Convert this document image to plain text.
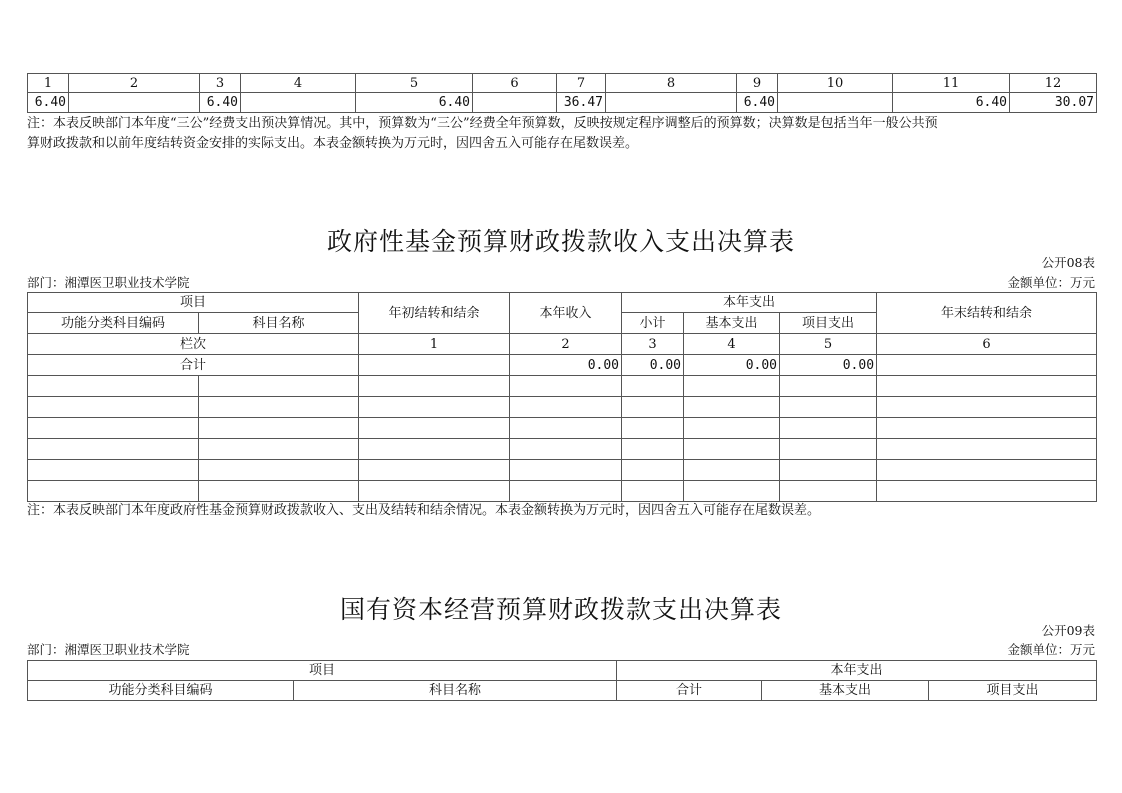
1	2	3	4	5	6	7	8	9	10	11	12
6.40		6.40		6.40		36.47		6.40		6.40	30.07
注：本表反映部门本年度“三公”经费支出预决算情况。其中，预算数为“三公”经费全年预算数，反映按规定程序调整后的预算数；决算数是包括当年一般公共预
算财政拨款和以前年度结转资金安排的实际支出。本表金额转换为万元时，因四舍五入可能存在尾数误差。
政府性基金预算财政拨款收入支出决算表
公开08表
部门：湘潭医卫职业技术学院	金额单位：万元
项目		年初结转和结余	本年收入	本年支出			年末结转和结余
功能分类科目编码	科目名称			小计	基本支出	项目支出	
栏次		1	2	3	4	5	6
合计			0.00	0.00	0.00	0.00	

注：本表反映部门本年度政府性基金预算财政拨款收入、支出及结转和结余情况。本表金额转换为万元时，因四舍五入可能存在尾数误差。
国有资本经营预算财政拨款支出决算表
公开09表
部门：湘潭医卫职业技术学院	金额单位：万元
项目		本年支出		
功能分类科目编码	科目名称	合计	基本支出	项目支出
